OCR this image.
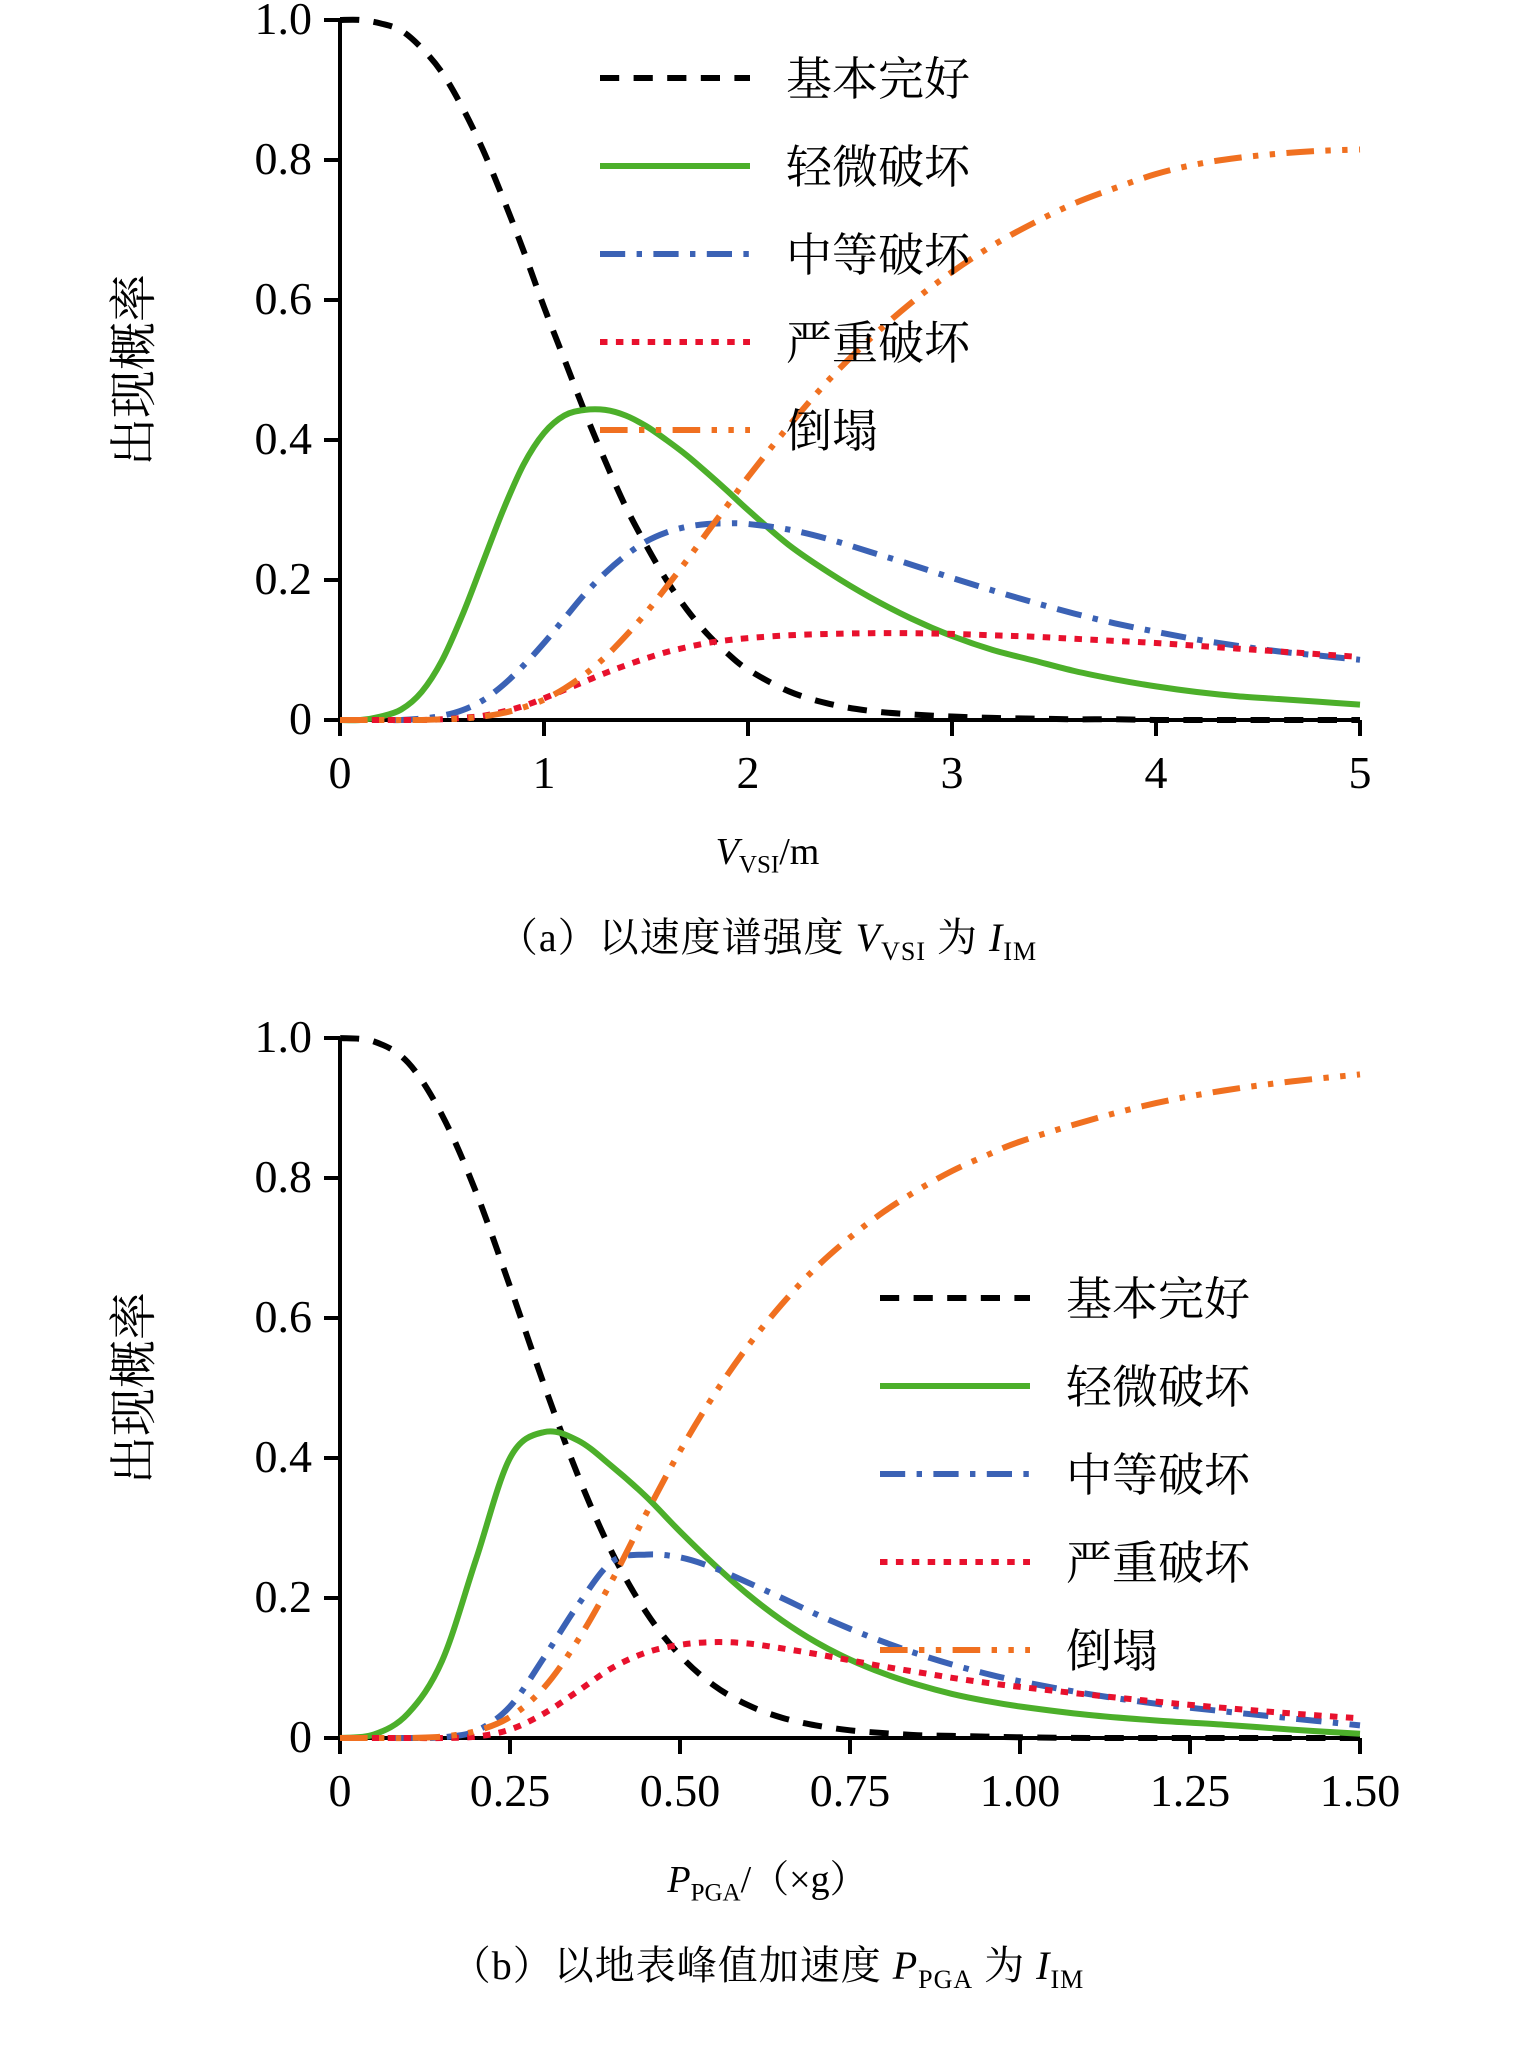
0
0.2
0.4
0.6
0.8
1.0
0	1	2	3	4	5
出现概率
基本完好
轻微破坏
中等破坏
严重破坏
倒塌
$V_{VSI}/m$
（a）以速度谱强度 $V_{VSI}$ 为 $I_{IM}$
0
0.2
0.4
0.6
0.8
1.0
0	0.25 0.50 0.75 1.00 1.25 1.50
出现概率	基本完好
轻微破坏
中等破坏
严重破坏
倒塌
$P_{PGA}/(\times g)$
（b）以地表峰值加速度 $P_{PGA}$ 为 $I_{IM}$
